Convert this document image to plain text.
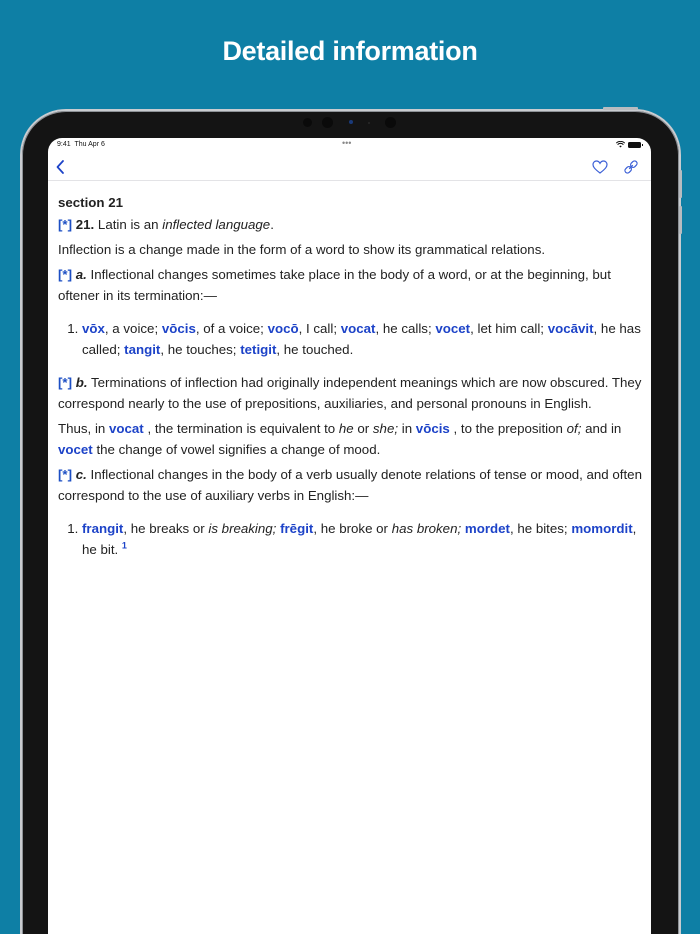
Detailed information
9:41 Thu Apr 6	•••
section 21
[*] 21. Latin is an inflected language.
Inflection is a change made in the form of a word to show its grammatical relations.
[*] a. Inflectional changes sometimes take place in the body of a word, or at the beginning, but oftener in its termination:—
1. vōx, a voice; vōcis, of a voice; vocō, I call; vocat, he calls; vocet, let him call; vocāvit, he has called; tangit, he touches; tetigit, he touched.
[*] b. Terminations of inflection had originally independent meanings which are now obscured. They correspond nearly to the use of prepositions, auxiliaries, and personal pronouns in English.
Thus, in vocat , the termination is equivalent to he or she; in vōcis , to the preposition of; and in
vocet the change of vowel signifies a change of mood.
[*] c. Inflectional changes in the body of a verb usually denote relations of tense or mood, and often correspond to the use of auxiliary verbs in English:—
1. frangit, he breaks or is breaking; frēgit, he broke or has broken; mordet, he bites; momordit, he bit. $^1$
